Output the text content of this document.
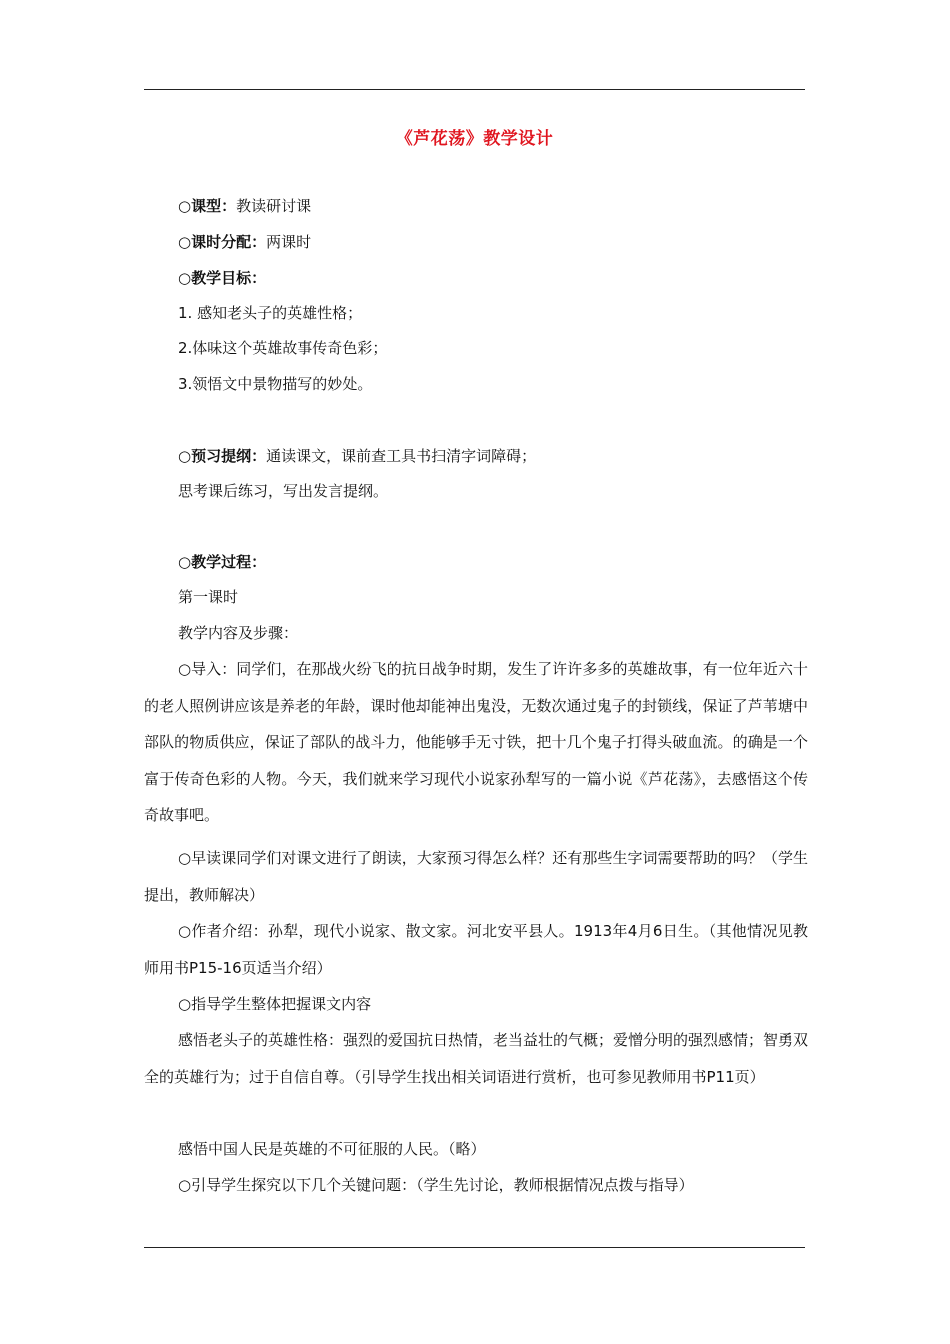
《芦花荡》教学设计
○课型：教读研讨课
○课时分配：两课时
○教学目标：
1. 感知老头子的英雄性格；
2.体味这个英雄故事传奇色彩；
3.领悟文中景物描写的妙处。
○预习提纲：通读课文，课前查工具书扫清字词障碍；
思考课后练习，写出发言提纲。
○教学过程：
第一课时
教学内容及步骤：
○导入：同学们，在那战火纷飞的抗日战争时期，发生了许许多多的英雄故事，有一位年近六十的老人照例讲应该是养老的年龄，课时他却能神出鬼没，无数次通过鬼子的封锁线，保证了芦苇塘中部队的物质供应，保证了部队的战斗力，他能够手无寸铁，把十几个鬼子打得头破血流。的确是一个富于传奇色彩的人物。今天，我们就来学习现代小说家孙犁写的一篇小说《芦花荡》，去感悟这个传奇故事吧。
○早读课同学们对课文进行了朗读，大家预习得怎么样？还有那些生字词需要帮助的吗？（学生提出，教师解决）
○作者介绍：孙犁，现代小说家、散文家。河北安平县人。1913年4月6日生。（其他情况见教师用书P15-16页适当介绍）
○指导学生整体把握课文内容
感悟老头子的英雄性格：强烈的爱国抗日热情，老当益壮的气概；爱憎分明的强烈感情；智勇双全的英雄行为；过于自信自尊。（引导学生找出相关词语进行赏析，也可参见教师用书P11页）
感悟中国人民是英雄的不可征服的人民。（略）
○引导学生探究以下几个关键问题：（学生先讨论，教师根据情况点拨与指导）
